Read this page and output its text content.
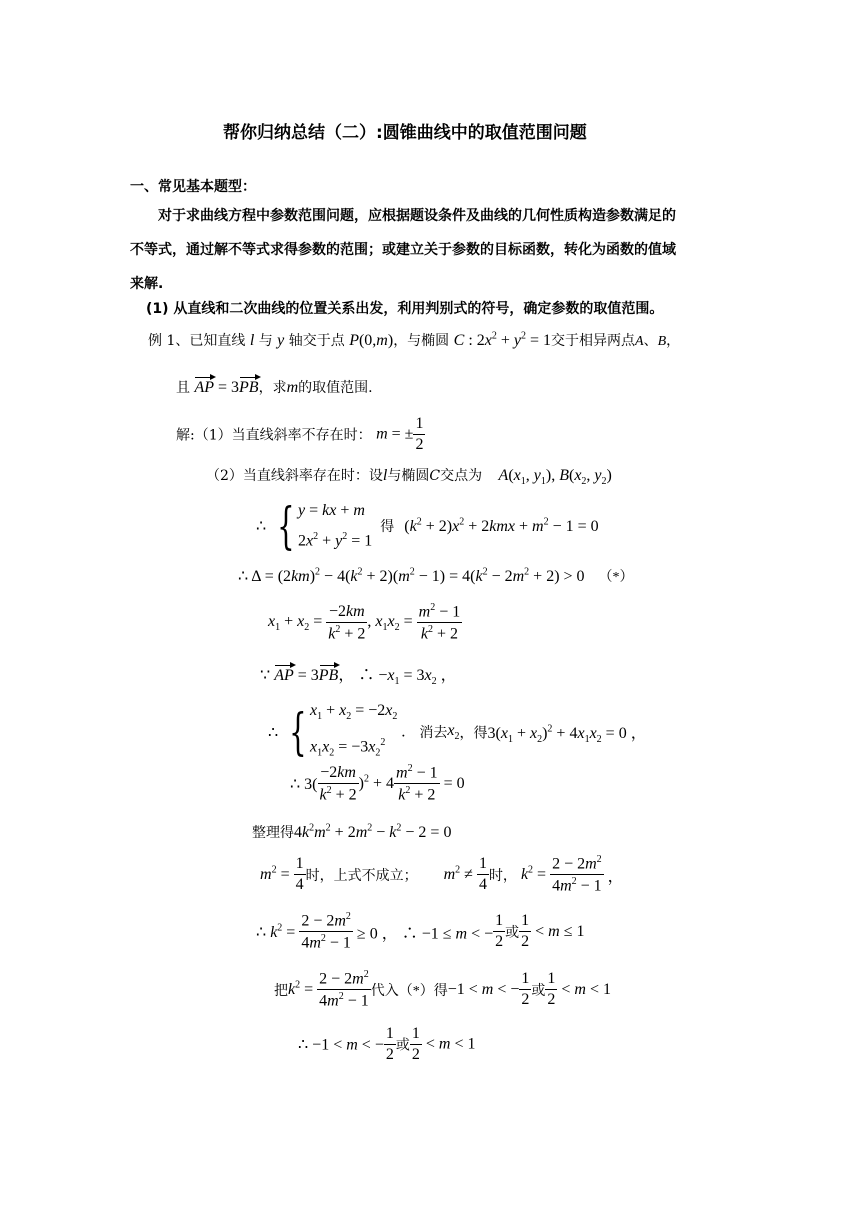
帮你归纳总结（二）:圆锥曲线中的取值范围问题
一、常见基本题型：
对于求曲线方程中参数范围问题，应根据题设条件及曲线的几何性质构造参数满足的
不等式，通过解不等式求得参数的范围；或建立关于参数的目标函数，转化为函数的值域
来解.
(1) 从直线和二次曲线的位置关系出发，利用判别式的符号，确定参数的取值范围。
例 1、已知直线 l 与 y 轴交于点 P(0,m)，与椭圆 C : $2x^2 + y^2 = 1$交于相异两点A、B，
且 AP = 3PB，求m的取值范围.
解:（1）当直线斜率不存在时： m = ± $\frac{1}{2}$
（2）当直线斜率存在时：设l与椭圆C交点为 $A(x_1$, $y_1$), $B(x_2$, $y_2$)
∴ { y = kx + m
$2x^2 + y^2 = 1$
得 $(k^2 + 2)x^2 + 2kmx + m^2 - 1 = 0$
∴ $\Delta = (2km)^2 - 4(k^2 + 2)(m^2 - 1) = 4(k^2 - 2m^2 + 2) > 0$ （*）
$x_1 + x_2 = \frac{-2km}{k^2 + 2}$ , $x_1x_2 = \frac{m^2 - 1}{k^2 + 2}$
∵ AP = 3PB， ∴ $-x_1 = 3x_2$ ，
∴ { $x_1 + x_2 = -2x_2$
$x_1x_2 = -3x_2^2$
. 消去$x_2$，得$3(x_1 + x_2)^2 + 4x_1x_2 = 0$ ，
∴ $3( \frac{-2km}{k^2 + 2} )^2 + 4 \frac{m^2 - 1}{k^2 + 2} = 0$
整理得$4k^2m^2 + 2m^2 - k^2 - 2 = 0$
$m^2 = \frac{1}{4}$ 时，上式不成立； $m^2 \ne \frac{1}{4}$ 时， $k^2 = \frac{2 - 2m^2}{4m^2 - 1}$ ，
∴ $k^2 = \frac{2 - 2m^2}{4m^2 - 1} \ge 0$ ， ∴ −1 ≤ m < − $\frac{1}{2}$ 或 $\frac{1}{2} < m \le 1$
把$k^2 = \frac{2 - 2m^2}{4m^2 - 1}$ 代入（*）得−1 < m < − $\frac{1}{2}$ 或 $\frac{1}{2} < m < 1$
∴ −1 < m < − $\frac{1}{2}$ 或 $\frac{1}{2} < m < 1$
